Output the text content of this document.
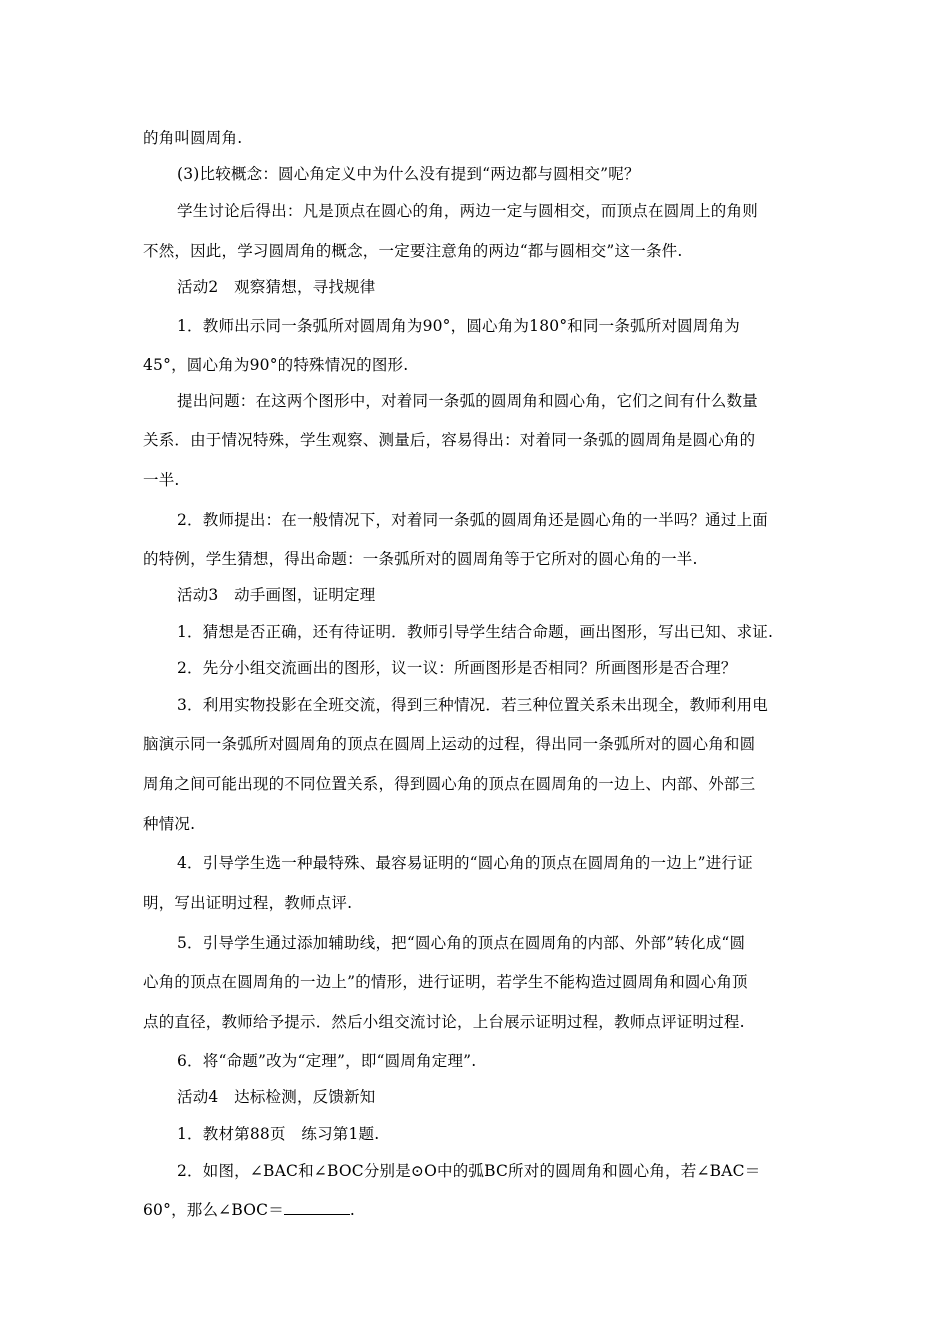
的角叫圆周角.
(3)比较概念：圆心角定义中为什么没有提到“两边都与圆相交”呢？
学生讨论后得出：凡是顶点在圆心的角，两边一定与圆相交，而顶点在圆周上的角则
不然，因此，学习圆周角的概念，一定要注意角的两边“都与圆相交”这一条件.
活动2　观察猜想，寻找规律
1．教师出示同一条弧所对圆周角为90°，圆心角为180°和同一条弧所对圆周角为
45°，圆心角为90°的特殊情况的图形.
提出问题：在这两个图形中，对着同一条弧的圆周角和圆心角，它们之间有什么数量
关系．由于情况特殊，学生观察、测量后，容易得出：对着同一条弧的圆周角是圆心角的
一半.
2．教师提出：在一般情况下，对着同一条弧的圆周角还是圆心角的一半吗？通过上面
的特例，学生猜想，得出命题：一条弧所对的圆周角等于它所对的圆心角的一半.
活动3　动手画图，证明定理
1．猜想是否正确，还有待证明．教师引导学生结合命题，画出图形，写出已知、求证.
2．先分小组交流画出的图形，议一议：所画图形是否相同？所画图形是否合理？
3．利用实物投影在全班交流，得到三种情况．若三种位置关系未出现全，教师利用电
脑演示同一条弧所对圆周角的顶点在圆周上运动的过程，得出同一条弧所对的圆心角和圆
周角之间可能出现的不同位置关系，得到圆心角的顶点在圆周角的一边上、内部、外部三
种情况.
4．引导学生选一种最特殊、最容易证明的“圆心角的顶点在圆周角的一边上”进行证
明，写出证明过程，教师点评.
5．引导学生通过添加辅助线，把“圆心角的顶点在圆周角的内部、外部”转化成“圆
心角的顶点在圆周角的一边上”的情形，进行证明，若学生不能构造过圆周角和圆心角顶
点的直径，教师给予提示．然后小组交流讨论，上台展示证明过程，教师点评证明过程.
6．将“命题”改为“定理”，即“圆周角定理”.
活动4　达标检测，反馈新知
1．教材第88页　练习第1题.
2．如图，∠BAC和∠BOC分别是⊙O中的弧BC所对的圆周角和圆心角，若∠BAC＝
60°，那么∠BOC＝	.
